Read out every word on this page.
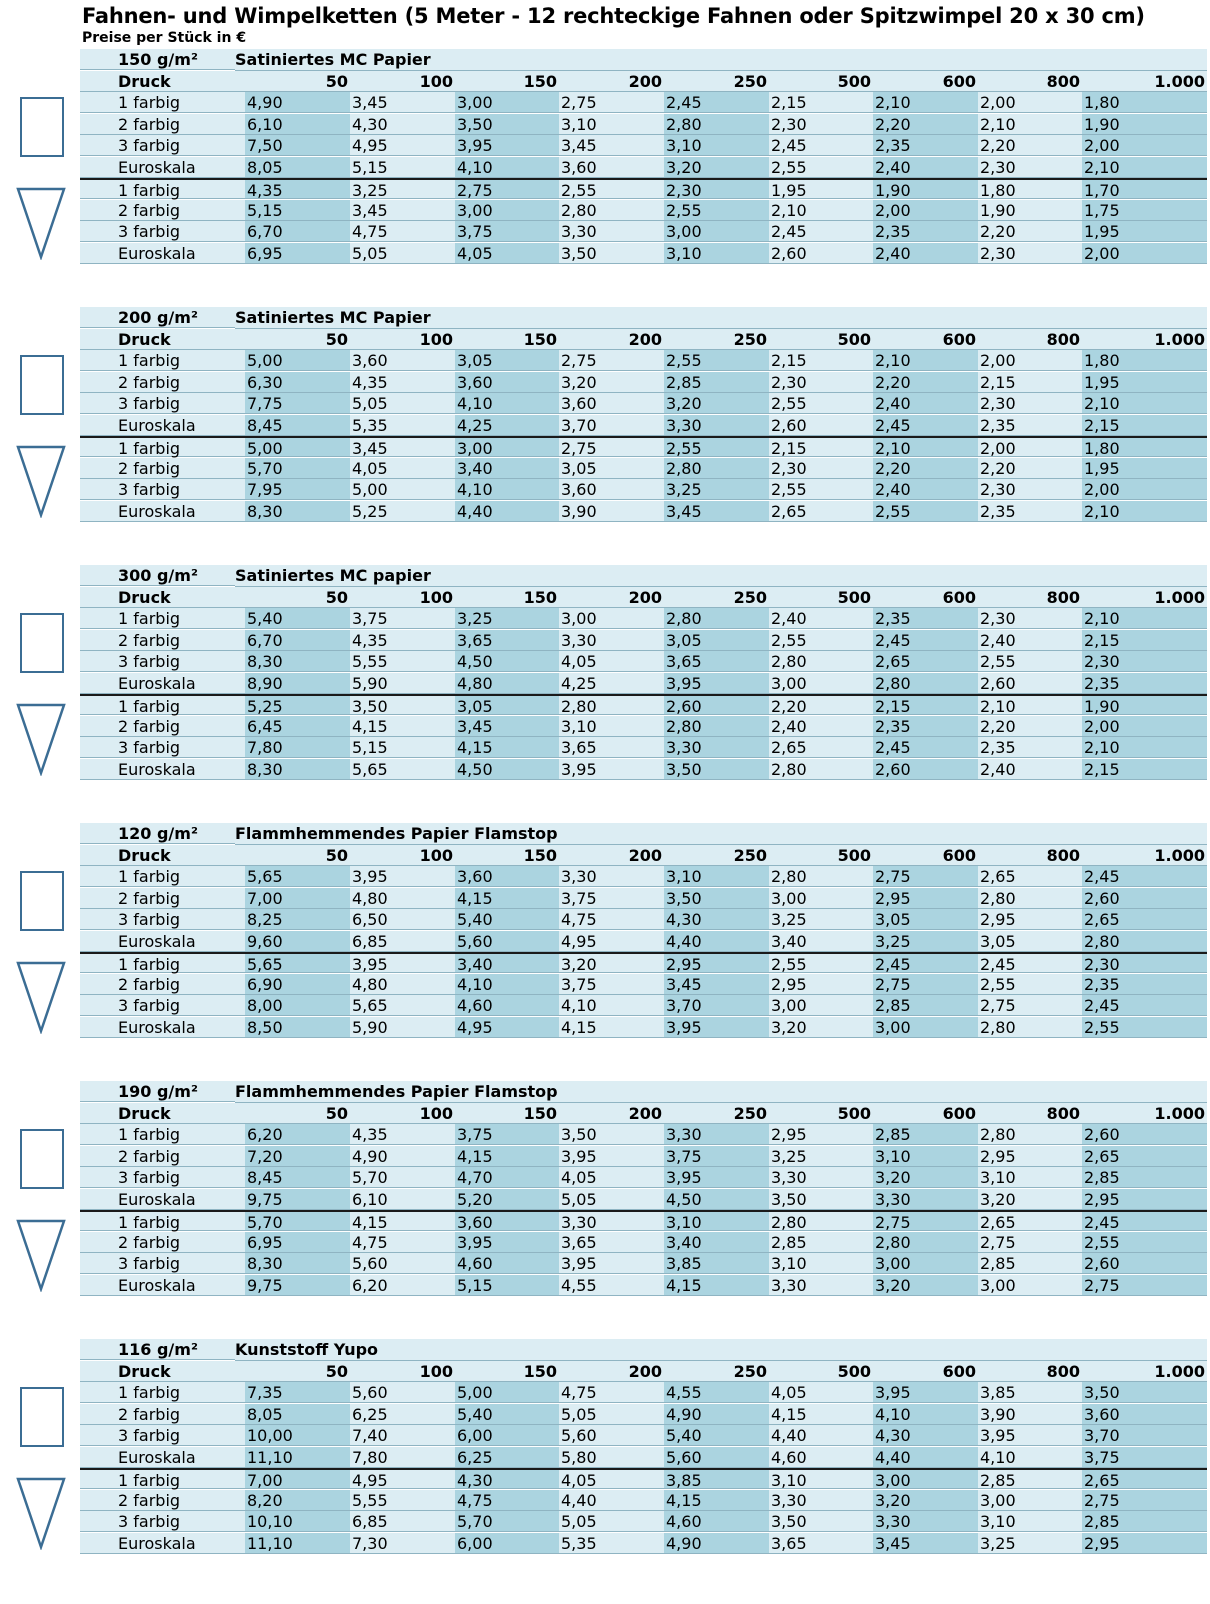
Fahnen- und Wimpelketten (5 Meter - 12 rechteckige Fahnen oder Spitzwimpel 20 x 30 cm)
Preise per Stück in €
150 g/m²	Satiniertes MC Papier
Druck	50	100	150	200	250	500	600	800	1.000
1 farbig	4,90	3,45	3,00	2,75	2,45	2,15	2,10	2,00	1,80
2 farbig	6,10	4,30	3,50	3,10	2,80	2,30	2,20	2,10	1,90
3 farbig	7,50	4,95	3,95	3,45	3,10	2,45	2,35	2,20	2,00
Euroskala	8,05	5,15	4,10	3,60	3,20	2,55	2,40	2,30	2,10
1 farbig	4,35	3,25	2,75	2,55	2,30	1,95	1,90	1,80	1,70
2 farbig	5,15	3,45	3,00	2,80	2,55	2,10	2,00	1,90	1,75
3 farbig	6,70	4,75	3,75	3,30	3,00	2,45	2,35	2,20	1,95
Euroskala	6,95	5,05	4,05	3,50	3,10	2,60	2,40	2,30	2,00
200 g/m²	Satiniertes MC Papier
Druck	50	100	150	200	250	500	600	800	1.000
1 farbig	5,00	3,60	3,05	2,75	2,55	2,15	2,10	2,00	1,80
2 farbig	6,30	4,35	3,60	3,20	2,85	2,30	2,20	2,15	1,95
3 farbig	7,75	5,05	4,10	3,60	3,20	2,55	2,40	2,30	2,10
Euroskala	8,45	5,35	4,25	3,70	3,30	2,60	2,45	2,35	2,15
1 farbig	5,00	3,45	3,00	2,75	2,55	2,15	2,10	2,00	1,80
2 farbig	5,70	4,05	3,40	3,05	2,80	2,30	2,20	2,20	1,95
3 farbig	7,95	5,00	4,10	3,60	3,25	2,55	2,40	2,30	2,00
Euroskala	8,30	5,25	4,40	3,90	3,45	2,65	2,55	2,35	2,10
300 g/m²	Satiniertes MC papier
Druck	50	100	150	200	250	500	600	800	1.000
1 farbig	5,40	3,75	3,25	3,00	2,80	2,40	2,35	2,30	2,10
2 farbig	6,70	4,35	3,65	3,30	3,05	2,55	2,45	2,40	2,15
3 farbig	8,30	5,55	4,50	4,05	3,65	2,80	2,65	2,55	2,30
Euroskala	8,90	5,90	4,80	4,25	3,95	3,00	2,80	2,60	2,35
1 farbig	5,25	3,50	3,05	2,80	2,60	2,20	2,15	2,10	1,90
2 farbig	6,45	4,15	3,45	3,10	2,80	2,40	2,35	2,20	2,00
3 farbig	7,80	5,15	4,15	3,65	3,30	2,65	2,45	2,35	2,10
Euroskala	8,30	5,65	4,50	3,95	3,50	2,80	2,60	2,40	2,15
120 g/m²	Flammhemmendes Papier Flamstop
Druck	50	100	150	200	250	500	600	800	1.000
1 farbig	5,65	3,95	3,60	3,30	3,10	2,80	2,75	2,65	2,45
2 farbig	7,00	4,80	4,15	3,75	3,50	3,00	2,95	2,80	2,60
3 farbig	8,25	6,50	5,40	4,75	4,30	3,25	3,05	2,95	2,65
Euroskala	9,60	6,85	5,60	4,95	4,40	3,40	3,25	3,05	2,80
1 farbig	5,65	3,95	3,40	3,20	2,95	2,55	2,45	2,45	2,30
2 farbig	6,90	4,80	4,10	3,75	3,45	2,95	2,75	2,55	2,35
3 farbig	8,00	5,65	4,60	4,10	3,70	3,00	2,85	2,75	2,45
Euroskala	8,50	5,90	4,95	4,15	3,95	3,20	3,00	2,80	2,55
190 g/m²	Flammhemmendes Papier Flamstop
Druck	50	100	150	200	250	500	600	800	1.000
1 farbig	6,20	4,35	3,75	3,50	3,30	2,95	2,85	2,80	2,60
2 farbig	7,20	4,90	4,15	3,95	3,75	3,25	3,10	2,95	2,65
3 farbig	8,45	5,70	4,70	4,05	3,95	3,30	3,20	3,10	2,85
Euroskala	9,75	6,10	5,20	5,05	4,50	3,50	3,30	3,20	2,95
1 farbig	5,70	4,15	3,60	3,30	3,10	2,80	2,75	2,65	2,45
2 farbig	6,95	4,75	3,95	3,65	3,40	2,85	2,80	2,75	2,55
3 farbig	8,30	5,60	4,60	3,95	3,85	3,10	3,00	2,85	2,60
Euroskala	9,75	6,20	5,15	4,55	4,15	3,30	3,20	3,00	2,75
116 g/m²	Kunststoff Yupo
Druck	50	100	150	200	250	500	600	800	1.000
1 farbig	7,35	5,60	5,00	4,75	4,55	4,05	3,95	3,85	3,50
2 farbig	8,05	6,25	5,40	5,05	4,90	4,15	4,10	3,90	3,60
3 farbig	10,00	7,40	6,00	5,60	5,40	4,40	4,30	3,95	3,70
Euroskala	11,10	7,80	6,25	5,80	5,60	4,60	4,40	4,10	3,75
1 farbig	7,00	4,95	4,30	4,05	3,85	3,10	3,00	2,85	2,65
2 farbig	8,20	5,55	4,75	4,40	4,15	3,30	3,20	3,00	2,75
3 farbig	10,10	6,85	5,70	5,05	4,60	3,50	3,30	3,10	2,85
Euroskala	11,10	7,30	6,00	5,35	4,90	3,65	3,45	3,25	2,95
